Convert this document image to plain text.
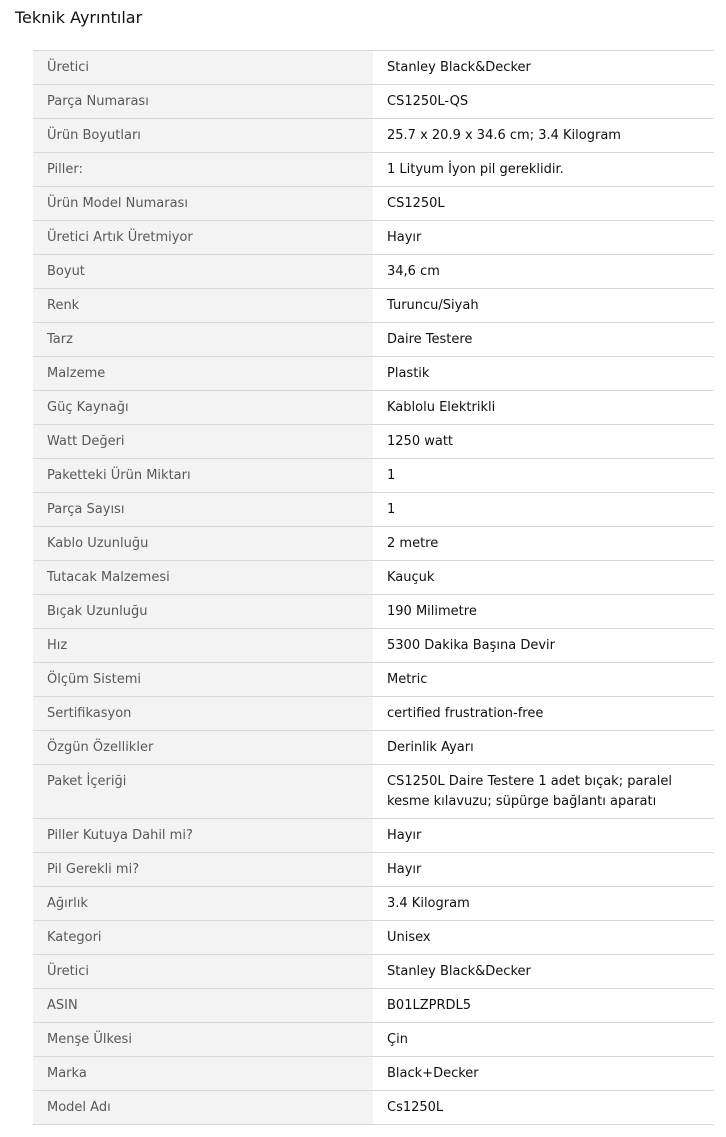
Teknik Ayrıntılar
Üretici	Stanley Black&Decker
Parça Numarası	CS1250L-QS
Ürün Boyutları	25.7 x 20.9 x 34.6 cm; 3.4 Kilogram
Piller:	1 Lityum İyon pil gereklidir.
Ürün Model Numarası	CS1250L
Üretici Artık Üretmiyor	Hayır
Boyut	34,6 cm
Renk	Turuncu/Siyah
Tarz	Daire Testere
Malzeme	Plastik
Güç Kaynağı	Kablolu Elektrikli
Watt Değeri	1250 watt
Paketteki Ürün Miktarı	1
Parça Sayısı	1
Kablo Uzunluğu	2 metre
Tutacak Malzemesi	Kauçuk
Bıçak Uzunluğu	190 Milimetre
Hız	5300 Dakika Başına Devir
Ölçüm Sistemi	Metric
Sertifikasyon	certified frustration-free
Özgün Özellikler	Derinlik Ayarı
Paket İçeriği	CS1250L Daire Testere 1 adet bıçak; paralel kesme kılavuzu; süpürge bağlantı aparatı
Piller Kutuya Dahil mi?	Hayır
Pil Gerekli mi?	Hayır
Ağırlık	3.4 Kilogram
Kategori	Unisex
Üretici	Stanley Black&Decker
ASIN	B01LZPRDL5
Menşe Ülkesi	Çin
Marka	Black+Decker
Model Adı	Cs1250L
